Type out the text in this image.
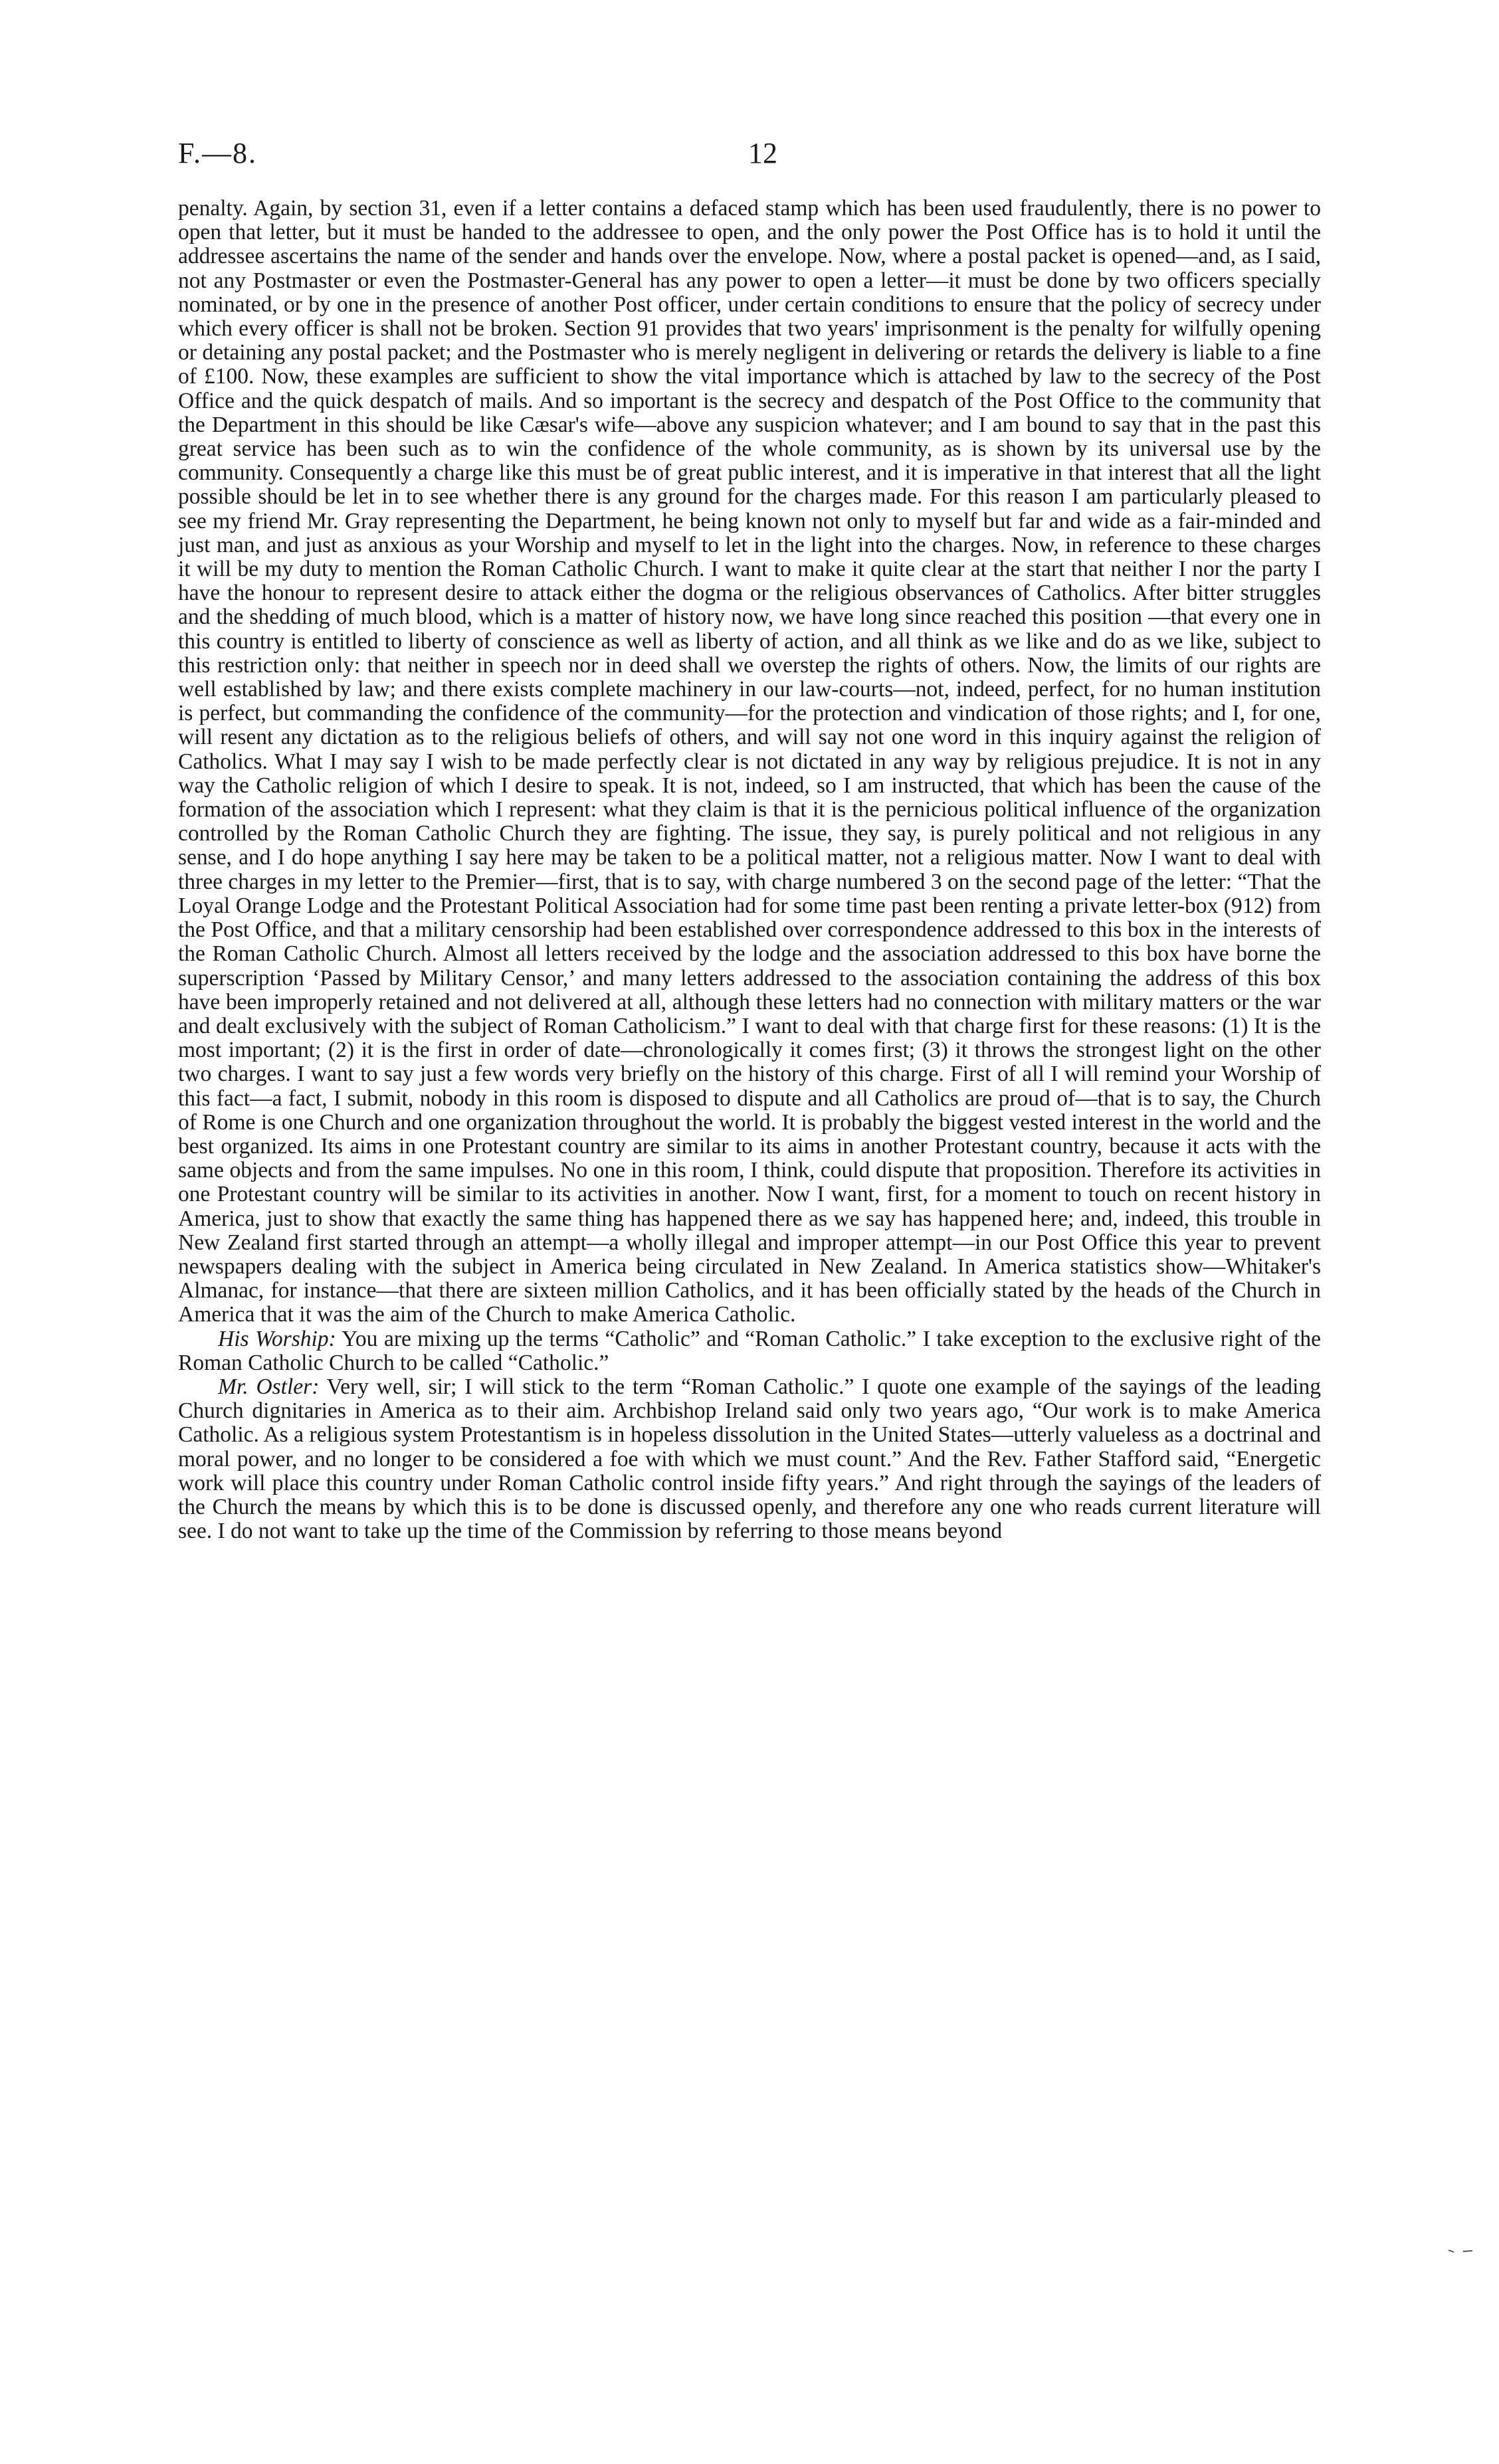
F.—8.	12

penalty. Again, by section 31, even if a letter contains a defaced stamp which has been used fraudulently, there is no power to open that letter, but it must be handed to the addressee to open, and the only power the Post Office has is to hold it until the addressee ascertains the name of the sender and hands over the envelope. Now, where a postal packet is opened—and, as I said, not any Postmaster or even the Postmaster-General has any power to open a letter—it must be done by two officers specially nominated, or by one in the presence of another Post officer, under certain conditions to ensure that the policy of secrecy under which every officer is shall not be broken. Section 91 provides that two years' imprisonment is the penalty for wilfully opening or detaining any postal packet; and the Postmaster who is merely negligent in delivering or retards the delivery is liable to a fine of £100. Now, these examples are sufficient to show the vital importance which is attached by law to the secrecy of the Post Office and the quick despatch of mails. And so important is the secrecy and despatch of the Post Office to the community that the Department in this should be like Cæsar's wife—above any suspicion whatever; and I am bound to say that in the past this great service has been such as to win the confidence of the whole community, as is shown by its universal use by the community. Consequently a charge like this must be of great public interest, and it is imperative in that interest that all the light possible should be let in to see whether there is any ground for the charges made. For this reason I am particularly pleased to see my friend Mr. Gray representing the Department, he being known not only to myself but far and wide as a fair-minded and just man, and just as anxious as your Worship and myself to let in the light into the charges. Now, in reference to these charges it will be my duty to mention the Roman Catholic Church. I want to make it quite clear at the start that neither I nor the party I have the honour to represent desire to attack either the dogma or the religious observances of Catholics. After bitter struggles and the shedding of much blood, which is a matter of history now, we have long since reached this position —that every one in this country is entitled to liberty of conscience as well as liberty of action, and all think as we like and do as we like, subject to this restriction only: that neither in speech nor in deed shall we overstep the rights of others. Now, the limits of our rights are well established by law; and there exists complete machinery in our law-courts—not, indeed, perfect, for no human institution is perfect, but commanding the confidence of the community—for the protection and vindication of those rights; and I, for one, will resent any dictation as to the religious beliefs of others, and will say not one word in this inquiry against the religion of Catholics. What I may say I wish to be made perfectly clear is not dictated in any way by religious prejudice. It is not in any way the Catholic religion of which I desire to speak. It is not, indeed, so I am instructed, that which has been the cause of the formation of the association which I represent: what they claim is that it is the pernicious political influence of the organization controlled by the Roman Catholic Church they are fighting. The issue, they say, is purely political and not religious in any sense, and I do hope anything I say here may be taken to be a political matter, not a religious matter. Now I want to deal with three charges in my letter to the Premier—first, that is to say, with charge numbered 3 on the second page of the letter: “That the Loyal Orange Lodge and the Protestant Political Association had for some time past been renting a private letter-box (912) from the Post Office, and that a military censorship had been established over correspondence addressed to this box in the interests of the Roman Catholic Church. Almost all letters received by the lodge and the association addressed to this box have borne the superscription ‘Passed by Military Censor,’ and many letters addressed to the association containing the address of this box have been improperly retained and not delivered at all, although these letters had no connection with military matters or the war and dealt exclusively with the subject of Roman Catholicism.” I want to deal with that charge first for these reasons: (1) It is the most important; (2) it is the first in order of date—chronologically it comes first; (3) it throws the strongest light on the other two charges. I want to say just a few words very briefly on the history of this charge. First of all I will remind your Worship of this fact—a fact, I submit, nobody in this room is disposed to dispute and all Catholics are proud of—that is to say, the Church of Rome is one Church and one organization throughout the world. It is probably the biggest vested interest in the world and the best organized. Its aims in one Protestant country are similar to its aims in another Protestant country, because it acts with the same objects and from the same impulses. No one in this room, I think, could dispute that proposition. Therefore its activities in one Protestant country will be similar to its activities in another. Now I want, first, for a moment to touch on recent history in America, just to show that exactly the same thing has happened there as we say has happened here; and, indeed, this trouble in New Zealand first started through an attempt—a wholly illegal and improper attempt—in our Post Office this year to prevent newspapers dealing with the subject in America being circulated in New Zealand. In America statistics show—Whitaker's Almanac, for instance—that there are sixteen million Catholics, and it has been officially stated by the heads of the Church in America that it was the aim of the Church to make America Catholic.

His Worship: You are mixing up the terms “Catholic” and “Roman Catholic.” I take exception to the exclusive right of the Roman Catholic Church to be called “Catholic.”

Mr. Ostler: Very well, sir; I will stick to the term “Roman Catholic.” I quote one example of the sayings of the leading Church dignitaries in America as to their aim. Archbishop Ireland said only two years ago, “Our work is to make America Catholic. As a religious system Protestantism is in hopeless dissolution in the United States—utterly valueless as a doctrinal and moral power, and no longer to be considered a foe with which we must count.” And the Rev. Father Stafford said, “Energetic work will place this country under Roman Catholic control inside fifty years.” And right through the sayings of the leaders of the Church the means by which this is to be done is discussed openly, and therefore any one who reads current literature will see. I do not want to take up the time of the Commission by referring to those means beyond
